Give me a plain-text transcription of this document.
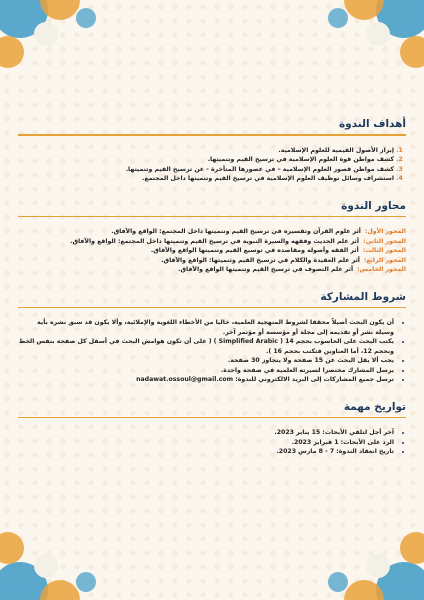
أهداف الندوة
1. إبراز الأصول القيمية للعلوم الإسلامية.
2. كشف مواطن قوة العلوم الإسلامية في ترسيخ القيم وتنميتها.
3. كشف مواطن قصور العلوم الإسلامية – في عصورها المتأخرة - عن ترسيخ القيم وتنميتها.
4. استشراف وسائل توظيف العلوم الإسلامية في ترسيخ القيم وتنميتها داخل المجتمع.
محاور الندوة
المحور الأول:أثر علوم القرآن وتفسيره في ترسيخ القيم وتنميتها داخل المجتمع: الواقع والآفاق.
المحور الثاني:أثر علم الحديث وفقهه والسيرة النبوية في ترسيخ القيم وتنميتها داخل المجتمع: الواقع والآفاق.
المحور الثالث:أثر الفقه وأصوله ومقاصده في توسيع القيم وتنميتها الواقع والآفاق.
المحور الرابع:أثر علم العقيدة والكلام في ترسيخ القيم وتنميتها: الواقع والآفاق.
المحور الخامس:أثر علم التصوف في ترسيخ القيم وتنميتها الواقع والآفاق.
شروط المشاركة
• أن يكون البحث أصيلاً محققا لشروط المنهجية العلمية، خاليا من الأخطاء اللغوية والإملائية، وألا يكون قد سبق نشره بأية وسيلة نشر أو تقديمه إلى مجلة أو مؤسسة أو مؤتمر آخر.
• يكتب البحث على الحاسوب بحجم 14 ( Simplified Arabic ) ( على أن تكون هوامش البحث في أسفل كل صفحة بنفس الخط وبحجم 12، أما العناوين فتكتب بحجم 16 ).
• يجب ألا يقل البحث عن 15 صفحة ولا يتجاوز 30 صفحة.
• يرسل المشارك مختصرا لسيرته العلمية في صفحة واحدة.
• ترسل جميع المشاركات إلى البريد الالكتروني للندوة: nadawat.ossoul@gmail.com
تواريخ مهمة
• آخر أجل لتلقي الأبحاث: 15 يناير 2023.
• الرد على الأبحاث: 1 فبراير 2023.
• تاريخ انعقاد الندوة: 7 - 8 مارس 2023.
